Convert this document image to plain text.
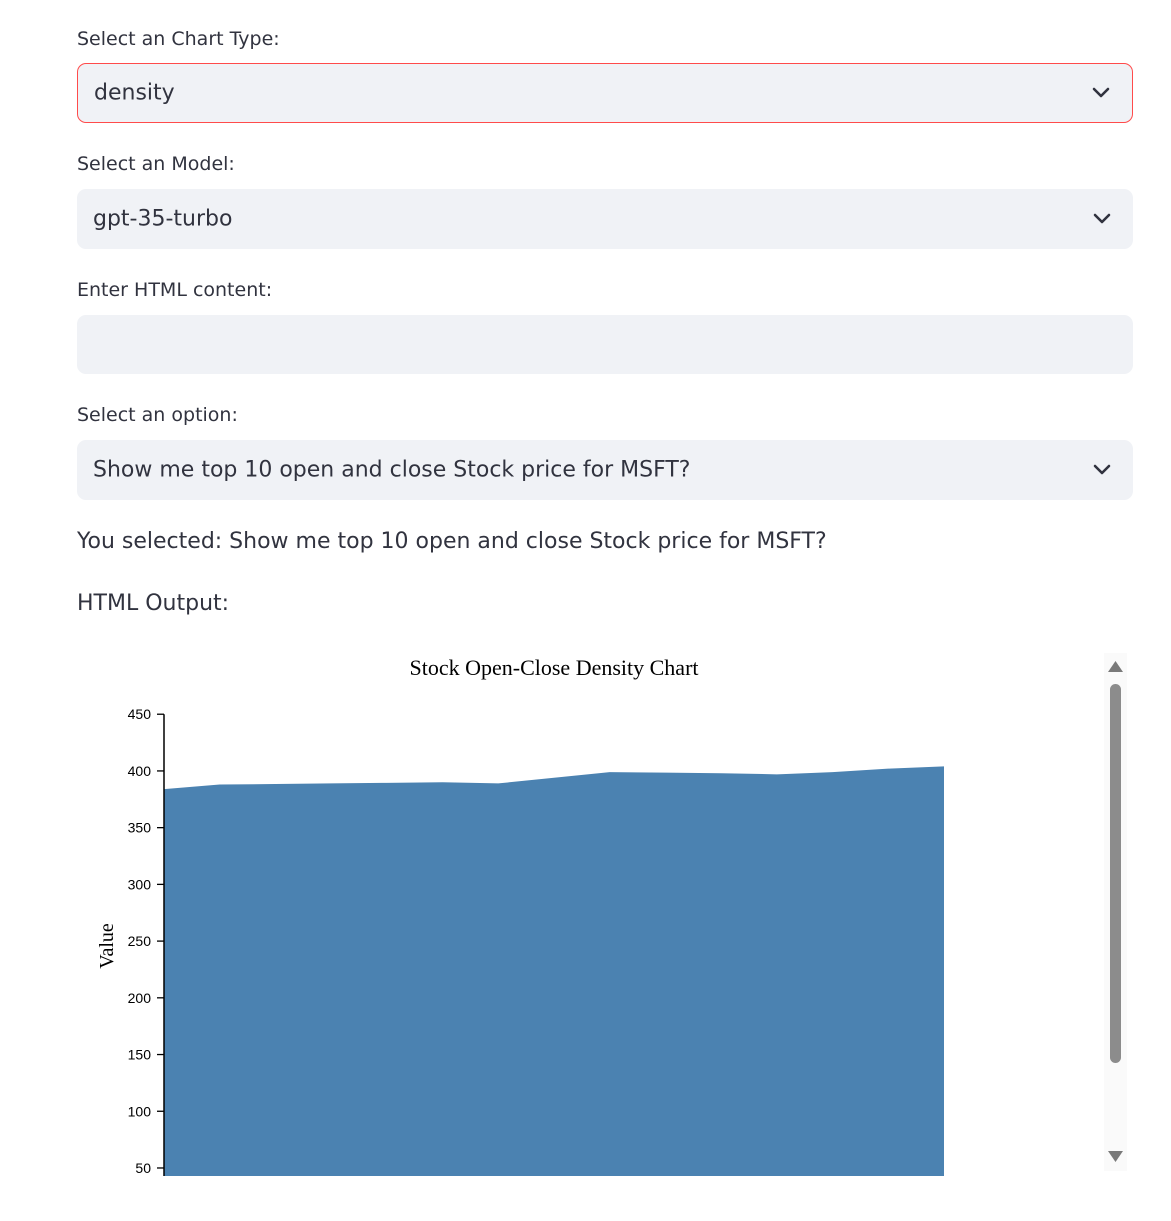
Select an Chart Type:
density
Select an Model:
gpt-35-turbo
Enter HTML content:
Select an option:
Show me top 10 open and close Stock price for MSFT?
You selected: Show me top 10 open and close Stock price for MSFT?
HTML Output:
Stock Open-Close Density Chart
Value
50
100
150
200
250
300
350
400
450
